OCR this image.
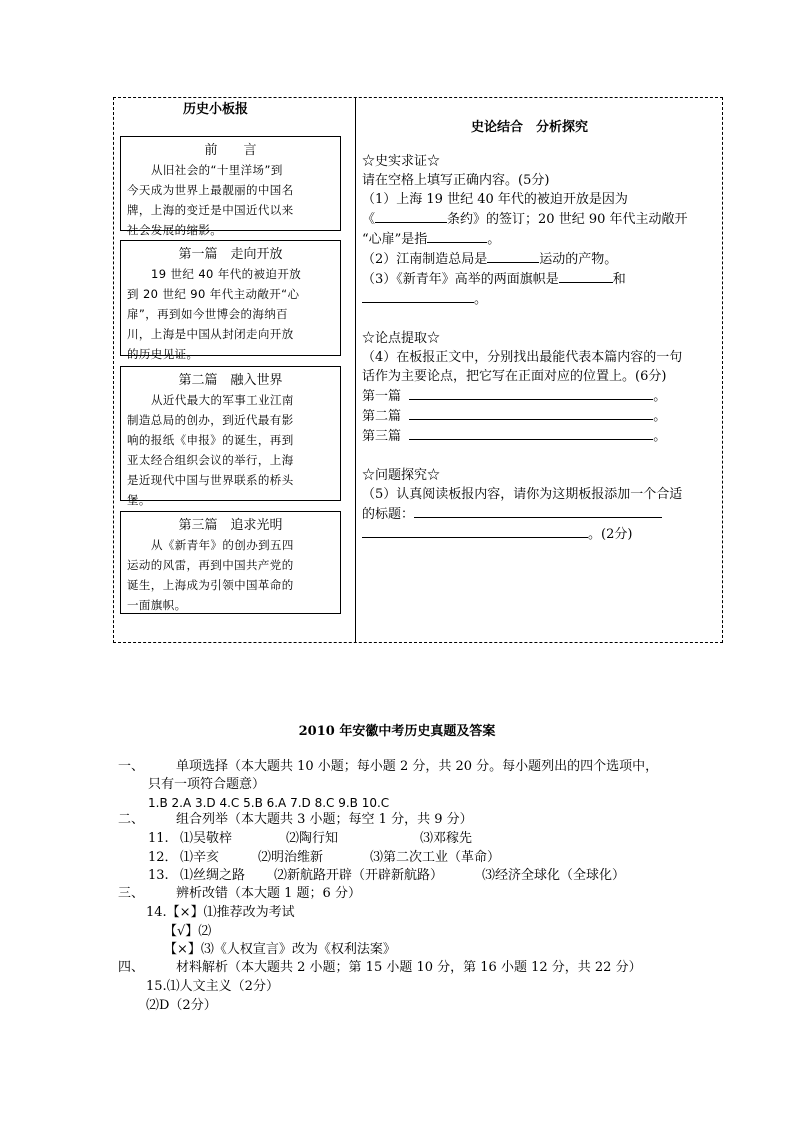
历史小板报
史论结合　分析探究
前　　言
从旧社会的“十里洋场”到
今天成为世界上最靓丽的中国名
牌，上海的变迁是中国近代以来
社会发展的缩影。
第一篇　走向开放
19 世纪 40 年代的被迫开放
到 20 世纪 90 年代主动敞开“心
扉”，再到如今世博会的海纳百
川，上海是中国从封闭走向开放
的历史见证。
第二篇　融入世界
从近代最大的军事工业江南
制造总局的创办，到近代最有影
响的报纸《申报》的诞生，再到
亚太经合组织会议的举行，上海
是近现代中国与世界联系的桥头
堡。
第三篇　追求光明
从《新青年》的创办到五四
运动的风雷，再到中国共产党的
诞生，上海成为引领中国革命的
一面旗帜。
☆史实求证☆
请在空格上填写正确内容。(5分)
（1）上海 19 世纪 40 年代的被迫开放是因为
《	条约》的签订；20 世纪 90 年代主动敞开
“心扉”是指	。
（2）江南制造总局是	运动的产物。
（3）《新青年》高举的两面旗帜是	和
。
☆论点提取☆
（4）在板报正文中，分别找出最能代表本篇内容的一句
话作为主要论点，把它写在正面对应的位置上。(6分)
第一篇	。
第二篇	。
第三篇	。
☆问题探究☆
（5）认真阅读板报内容，请你为这期板报添加一个合适
的标题：
。(2分)
2010 年安徽中考历史真题及答案
一、 单项选择（本大题共 10 小题；每小题 2 分，共 20 分。每小题列出的四个选项中，
只有一项符合题意）
1.B 2.A 3.D 4.C 5.B 6.A 7.D 8.C 9.B 10.C
二、 组合列举（本大题共 3 小题；每空 1 分，共 9 分）
11. ⑴吴敬梓	⑵陶行知	⑶邓稼先
12． ⑴辛亥	⑵明治维新	⑶第二次工业（革命）
13. ⑴丝绸之路 ⑵新航路开辟（开辟新航路）	⑶经济全球化（全球化）
三、 辨析改错（本大题 1 题；6 分）
14.【×】⑴推荐改为考试
【√】⑵
【×】⑶《人权宣言》改为《权利法案》
四、 材料解析（本大题共 2 小题；第 15 小题 10 分，第 16 小题 12 分，共 22 分）
15.⑴人文主义（2分）
⑵D（2分）
